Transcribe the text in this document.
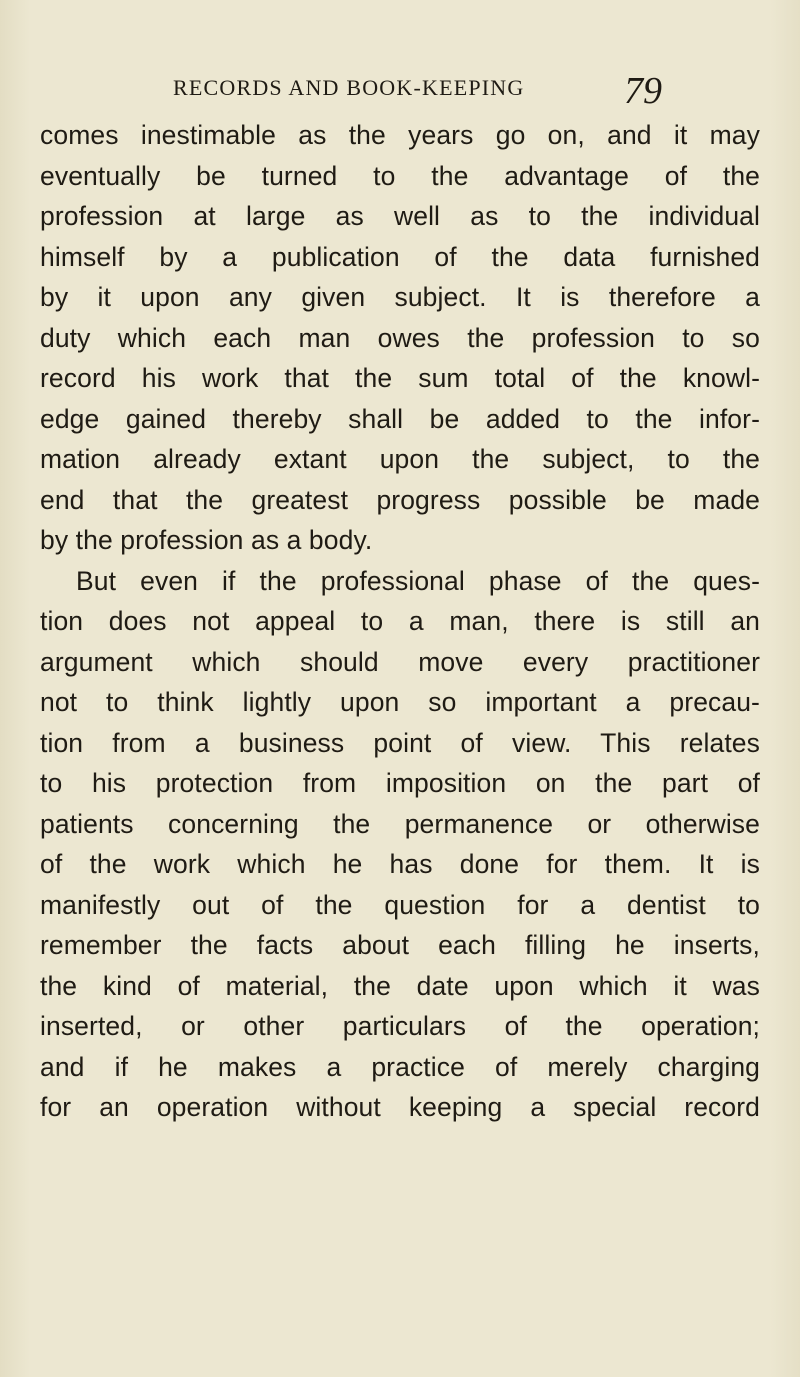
RECORDS AND BOOK-KEEPING	79
comes inestimable as the years go on, and it may
eventually be turned to the advantage of the
profession at large as well as to the individual
himself by a publication of the data furnished
by it upon any given subject. It is therefore a
duty which each man owes the profession to so
record his work that the sum total of the knowl-
edge gained thereby shall be added to the infor-
mation already extant upon the subject, to the
end that the greatest progress possible be made
by the profession as a body.
But even if the professional phase of the ques-
tion does not appeal to a man, there is still an
argument which should move every practitioner
not to think lightly upon so important a precau-
tion from a business point of view. This relates
to his protection from imposition on the part of
patients concerning the permanence or otherwise
of the work which he has done for them. It is
manifestly out of the question for a dentist to
remember the facts about each filling he inserts,
the kind of material, the date upon which it was
inserted, or other particulars of the operation;
and if he makes a practice of merely charging
for an operation without keeping a special record
